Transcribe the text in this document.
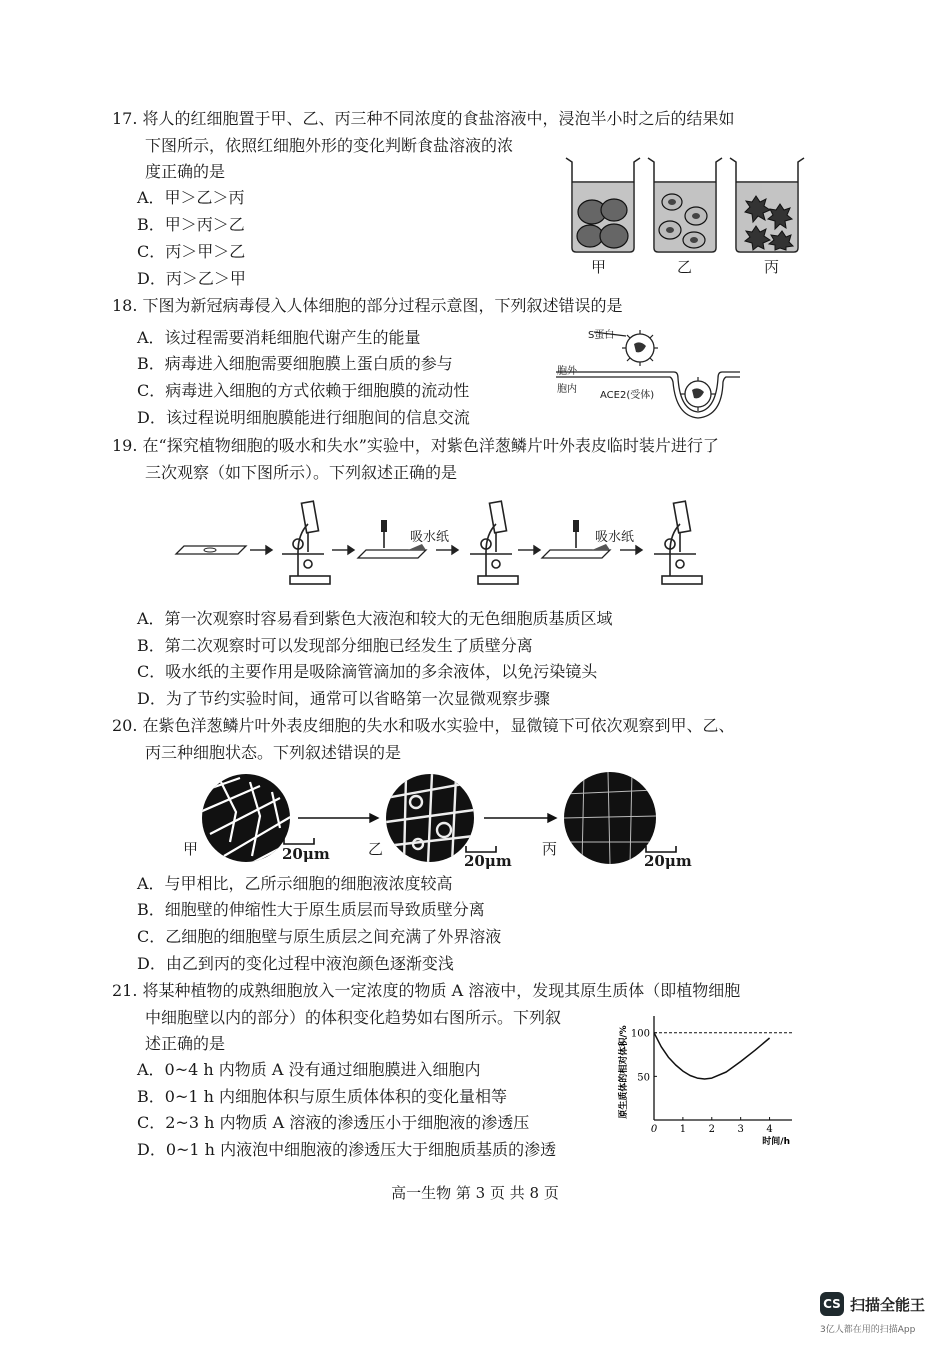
17. 将人的红细胞置于甲、乙、丙三种不同浓度的食盐溶液中，浸泡半小时之后的结果如
下图所示，依照红细胞外形的变化判断食盐溶液的浓
度正确的是
A．甲＞乙＞丙
B．甲＞丙＞乙
C．丙＞甲＞乙
D．丙＞乙＞甲
甲	乙	丙
18. 下图为新冠病毒侵入人体细胞的部分过程示意图，下列叙述错误的是
A．该过程需要消耗细胞代谢产生的能量
B．病毒进入细胞需要细胞膜上蛋白质的参与
C．病毒进入细胞的方式依赖于细胞膜的流动性
D．该过程说明细胞膜能进行细胞间的信息交流
S蛋白
胞外
胞内
ACE2(受体)
19. 在“探究植物细胞的吸水和失水”实验中，对紫色洋葱鳞片叶外表皮临时装片进行了
三次观察（如下图所示）。下列叙述正确的是
吸水纸	吸水纸
A．第一次观察时容易看到紫色大液泡和较大的无色细胞质基质区域
B．第二次观察时可以发现部分细胞已经发生了质壁分离
C．吸水纸的主要作用是吸除滴管滴加的多余液体，以免污染镜头
D．为了节约实验时间，通常可以省略第一次显微观察步骤
20. 在紫色洋葱鳞片叶外表皮细胞的失水和吸水实验中，显微镜下可依次观察到甲、乙、
丙三种细胞状态。下列叙述错误的是
甲	乙	丙
20μm	20μm	20μm
A．与甲相比，乙所示细胞的细胞液浓度较高
B．细胞壁的伸缩性大于原生质层而导致质壁分离
C．乙细胞的细胞壁与原生质层之间充满了外界溶液
D．由乙到丙的变化过程中液泡颜色逐渐变浅
21. 将某种植物的成熟细胞放入一定浓度的物质 A 溶液中，发现其原生质体（即植物细胞
中细胞壁以内的部分）的体积变化趋势如右图所示。下列叙
述正确的是
A．0~4 h 内物质 A 没有通过细胞膜进入细胞内
B．0~1 h 内细胞体积与原生质体体积的变化量相等
C．2~3 h 内物质 A 溶液的渗透压小于细胞液的渗透压
D．0~1 h 内液泡中细胞液的渗透压大于细胞质基质的渗透
0 1 2 3 4
50
100
时间/h
原生质体的相对体积/%
高一生物 第 3 页 共 8 页
CS 扫描全能王
3亿人都在用的扫描App
